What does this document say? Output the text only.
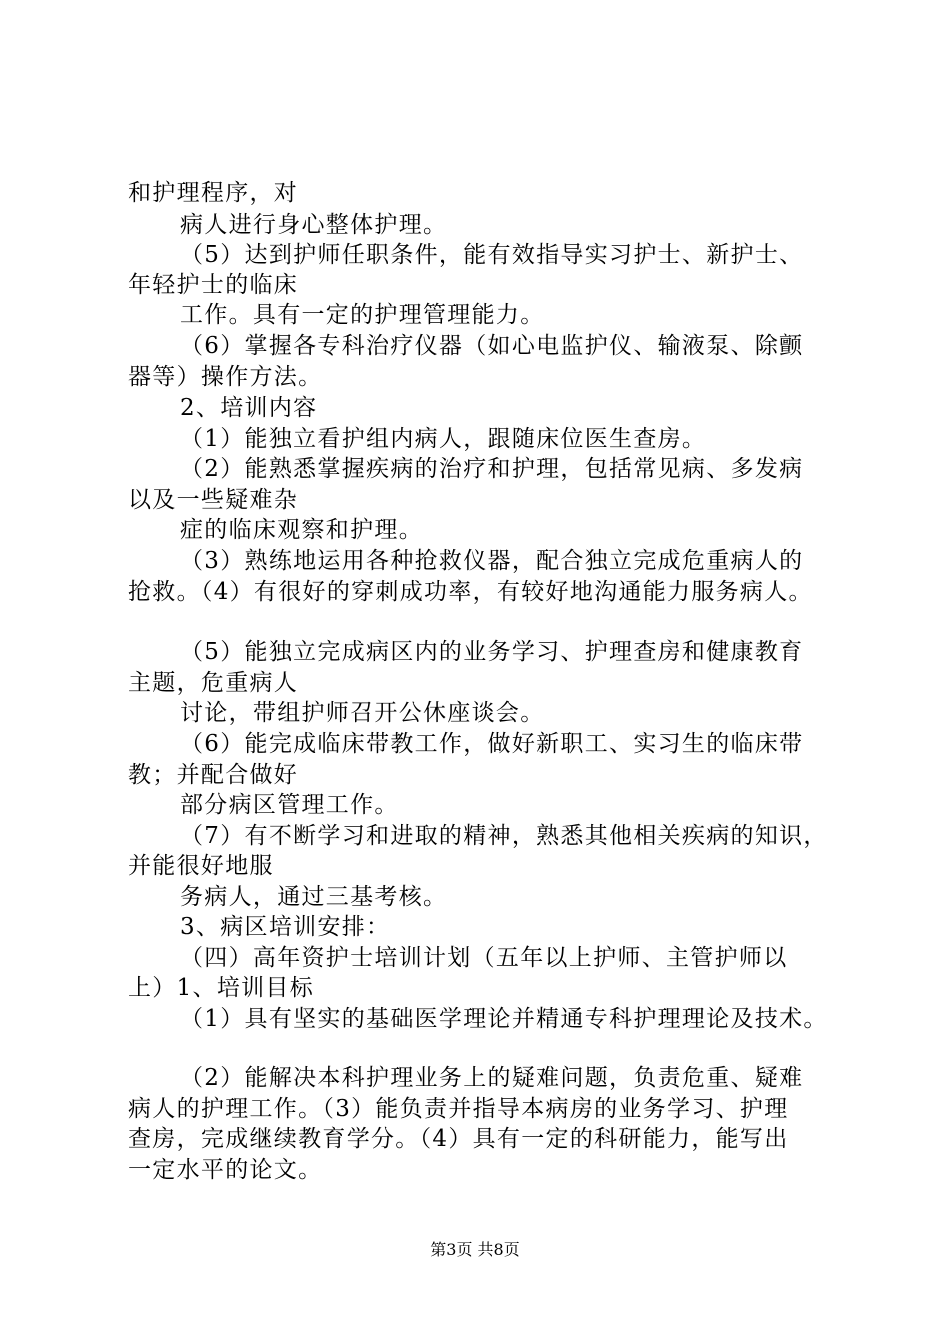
和护理程序，对
病人进行身心整体护理。
（5）达到护师任职条件，能有效指导实习护士、新护士、
年轻护士的临床
工作。具有一定的护理管理能力。
（6）掌握各专科治疗仪器（如心电监护仪、输液泵、除颤
器等）操作方法。
2、培训内容
（1）能独立看护组内病人，跟随床位医生查房。
（2）能熟悉掌握疾病的治疗和护理，包括常见病、多发病
以及一些疑难杂
症的临床观察和护理。
（3）熟练地运用各种抢救仪器，配合独立完成危重病人的
抢救。（4）有很好的穿刺成功率，有较好地沟通能力服务病人。
（5）能独立完成病区内的业务学习、护理查房和健康教育
主题，危重病人
讨论，带组护师召开公休座谈会。
（6）能完成临床带教工作，做好新职工、实习生的临床带
教；并配合做好
部分病区管理工作。
（7）有不断学习和进取的精神，熟悉其他相关疾病的知识，
并能很好地服
务病人，通过三基考核。
3、病区培训安排：
（四）高年资护士培训计划（五年以上护师、主管护师以
上）1、培训目标
（1）具有坚实的基础医学理论并精通专科护理理论及技术。
（2）能解决本科护理业务上的疑难问题，负责危重、疑难
病人的护理工作。（3）能负责并指导本病房的业务学习、护理
查房，完成继续教育学分。（4）具有一定的科研能力，能写出
一定水平的论文。
第3页 共8页
